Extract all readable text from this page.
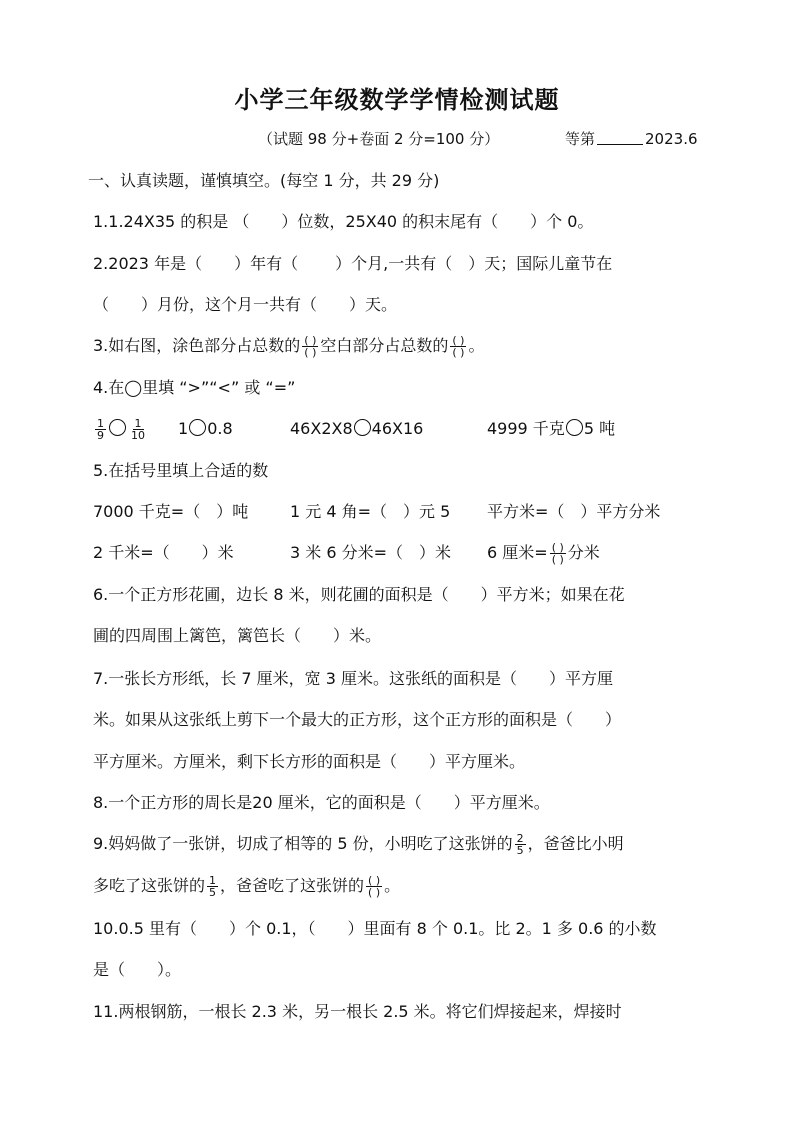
小学三年级数学学情检测试题
（试题 98 分+卷面 2 分=100 分）	等第	2023.6
一、认真读题，谨慎填空。(每空 1 分，共 29 分)
1.1.24X35 的积是 （　　）位数，25X40 的积末尾有（　　）个 0。
2.2023 年是（　　）年有（　　 ）个月,一共有（　）天；国际儿童节在
（　　）月份，这个月一共有（　　）天。
3.如右图，涂色部分占总数的 $\frac{( )}{( )}$ 空白部分占总数的 $\frac{( )}{( )}$ 。
4.在◯里填 “>”“<” 或 “=”
$\frac{1}{9} \frac{1}{10} 1$ 0.8	46X2X8 46X16	4999 千克 5 吨
5.在括号里填上合适的数
7000 千克=（　）吨	1 元 4 角=（　）元 5 平方米=（　）平方分米
2 千米=（　　）米	3 米 6 分米=（　）米 6 厘米= $\frac{( )}{( )}$ 分米
6.一个正方形花圃，边长 8 米，则花圃的面积是（　　）平方米；如果在花
圃的四周围上篱笆，篱笆长（　　）米。
7.一张长方形纸，长 7 厘米，宽 3 厘米。这张纸的面积是（　　）平方厘
米。如果从这张纸上剪下一个最大的正方形，这个正方形的面积是（　　）
平方厘米。方厘米，剩下长方形的面积是（　　）平方厘米。
8.一个正方形的周长是20 厘米，它的面积是（　　）平方厘米。
9.妈妈做了一张饼，切成了相等的 5 份，小明吃了这张饼的 $\frac{2}{5}$ ，爸爸比小明
多吃了这张饼的 $\frac{1}{5}$ ，爸爸吃了这张饼的 $\frac{( )}{( )}$ 。
10.0.5 里有（　　）个 0.1，（　　）里面有 8 个 0.1。比 2。1 多 0.6 的小数
是（　　）。
11.两根钢筋，一根长 2.3 米，另一根长 2.5 米。将它们焊接起来，焊接时
